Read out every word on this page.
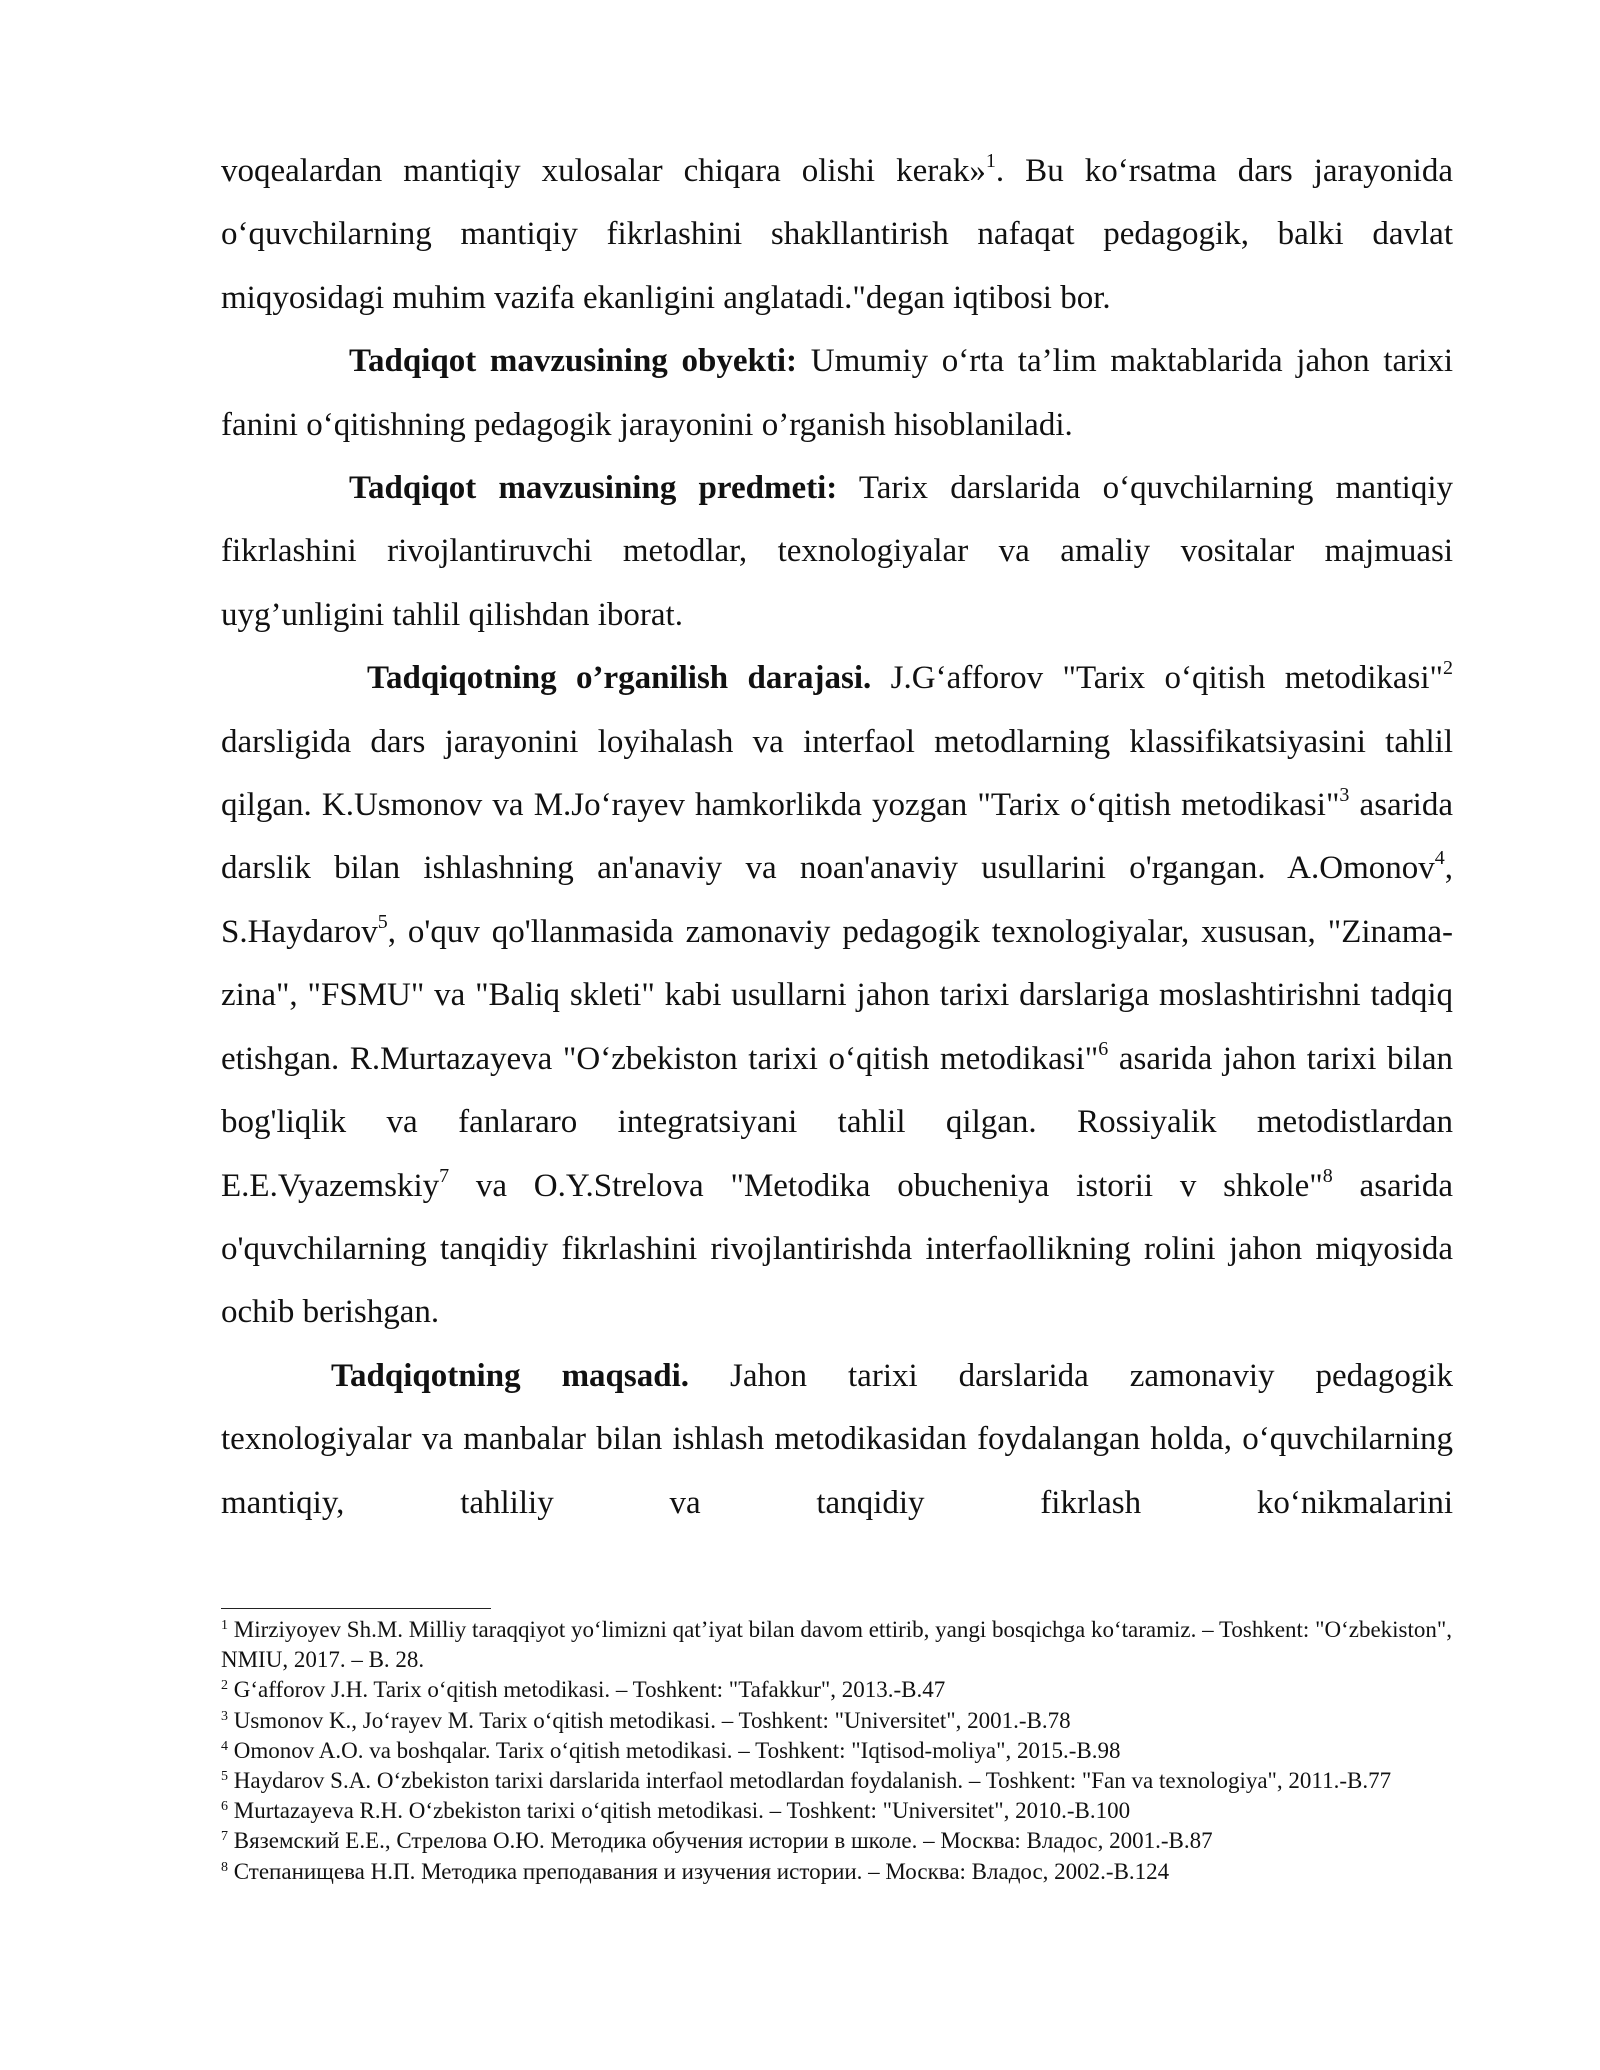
voqealardan mantiqiy xulosalar chiqara olishi kerak»$^1$. Bu ko‘rsatma dars jarayonida o‘quvchilarning mantiqiy fikrlashini shakllantirish nafaqat pedagogik, balki davlat miqyosidagi muhim vazifa ekanligini anglatadi."degan iqtibosi bor.

Tadqiqot mavzusining obyekti: Umumiy o‘rta ta’lim maktablarida jahon tarixi fanini o‘qitishning pedagogik jarayonini o’rganish hisoblaniladi.

Tadqiqot mavzusining predmeti: Tarix darslarida o‘quvchilarning mantiqiy fikrlashini rivojlantiruvchi metodlar, texnologiyalar va amaliy vositalar majmuasi uyg’unligini tahlil qilishdan iborat.

Tadqiqotning o’rganilish darajasi. J.G‘afforov "Tarix o‘qitish metodikasi"$^2$ darsligida dars jarayonini loyihalash va interfaol metodlarning klassifikatsiyasini tahlil qilgan. K.Usmonov va M.Jo‘rayev hamkorlikda yozgan "Tarix o‘qitish metodikasi"$^3$ asarida darslik bilan ishlashning an'anaviy va noan'anaviy usullarini o'rgangan. A.Omonov$^4$, S.Haydarov$^5$, o'quv qo'llanmasida zamonaviy pedagogik texnologiyalar, xususan, "Zinama-zina", "FSMU" va "Baliq skleti" kabi usullarni jahon tarixi darslariga moslashtirishni tadqiq etishgan. R.Murtazayeva "O‘zbekiston tarixi o‘qitish metodikasi"$^6$ asarida jahon tarixi bilan bog'liqlik va fanlararo integratsiyani tahlil qilgan. Rossiyalik metodistlardan E.E.Vyazemskiy$^7$ va O.Y.Strelova "Metodika obucheniya istorii v shkole"$^8$ asarida o'quvchilarning tanqidiy fikrlashini rivojlantirishda interfaollikning rolini jahon miqyosida ochib berishgan.

Tadqiqotning maqsadi. Jahon tarixi darslarida zamonaviy pedagogik texnologiyalar va manbalar bilan ishlash metodikasidan foydalangan holda, o‘quvchilarning mantiqiy, tahliliy va tanqidiy fikrlash ko‘nikmalarini

$^1$ Mirziyoyev Sh.M. Milliy taraqqiyot yo‘limizni qat’iyat bilan davom ettirib, yangi bosqichga ko‘taramiz. – Toshkent: "O‘zbekiston", NMIU, 2017. – B. 28.

$^2$ G‘afforov J.H. Tarix o‘qitish metodikasi. – Toshkent: "Tafakkur", 2013.-B.47

$^3$ Usmonov K., Jo‘rayev M. Tarix o‘qitish metodikasi. – Toshkent: "Universitet", 2001.-B.78

$^4$ Omonov A.O. va boshqalar. Tarix o‘qitish metodikasi. – Toshkent: "Iqtisod-moliya", 2015.-B.98

$^5$ Haydarov S.A. O‘zbekiston tarixi darslarida interfaol metodlardan foydalanish. – Toshkent: "Fan va texnologiya", 2011.-B.77

$^6$ Murtazayeva R.H. O‘zbekiston tarixi o‘qitish metodikasi. – Toshkent: "Universitet", 2010.-B.100

$^7$ Вяземский Е.Е., Стрелова О.Ю. Методика обучения истории в школе. – Москва: Владос, 2001.-B.87

$^8$ Степанищева Н.П. Методика преподавания и изучения истории. – Москва: Владос, 2002.-B.124
